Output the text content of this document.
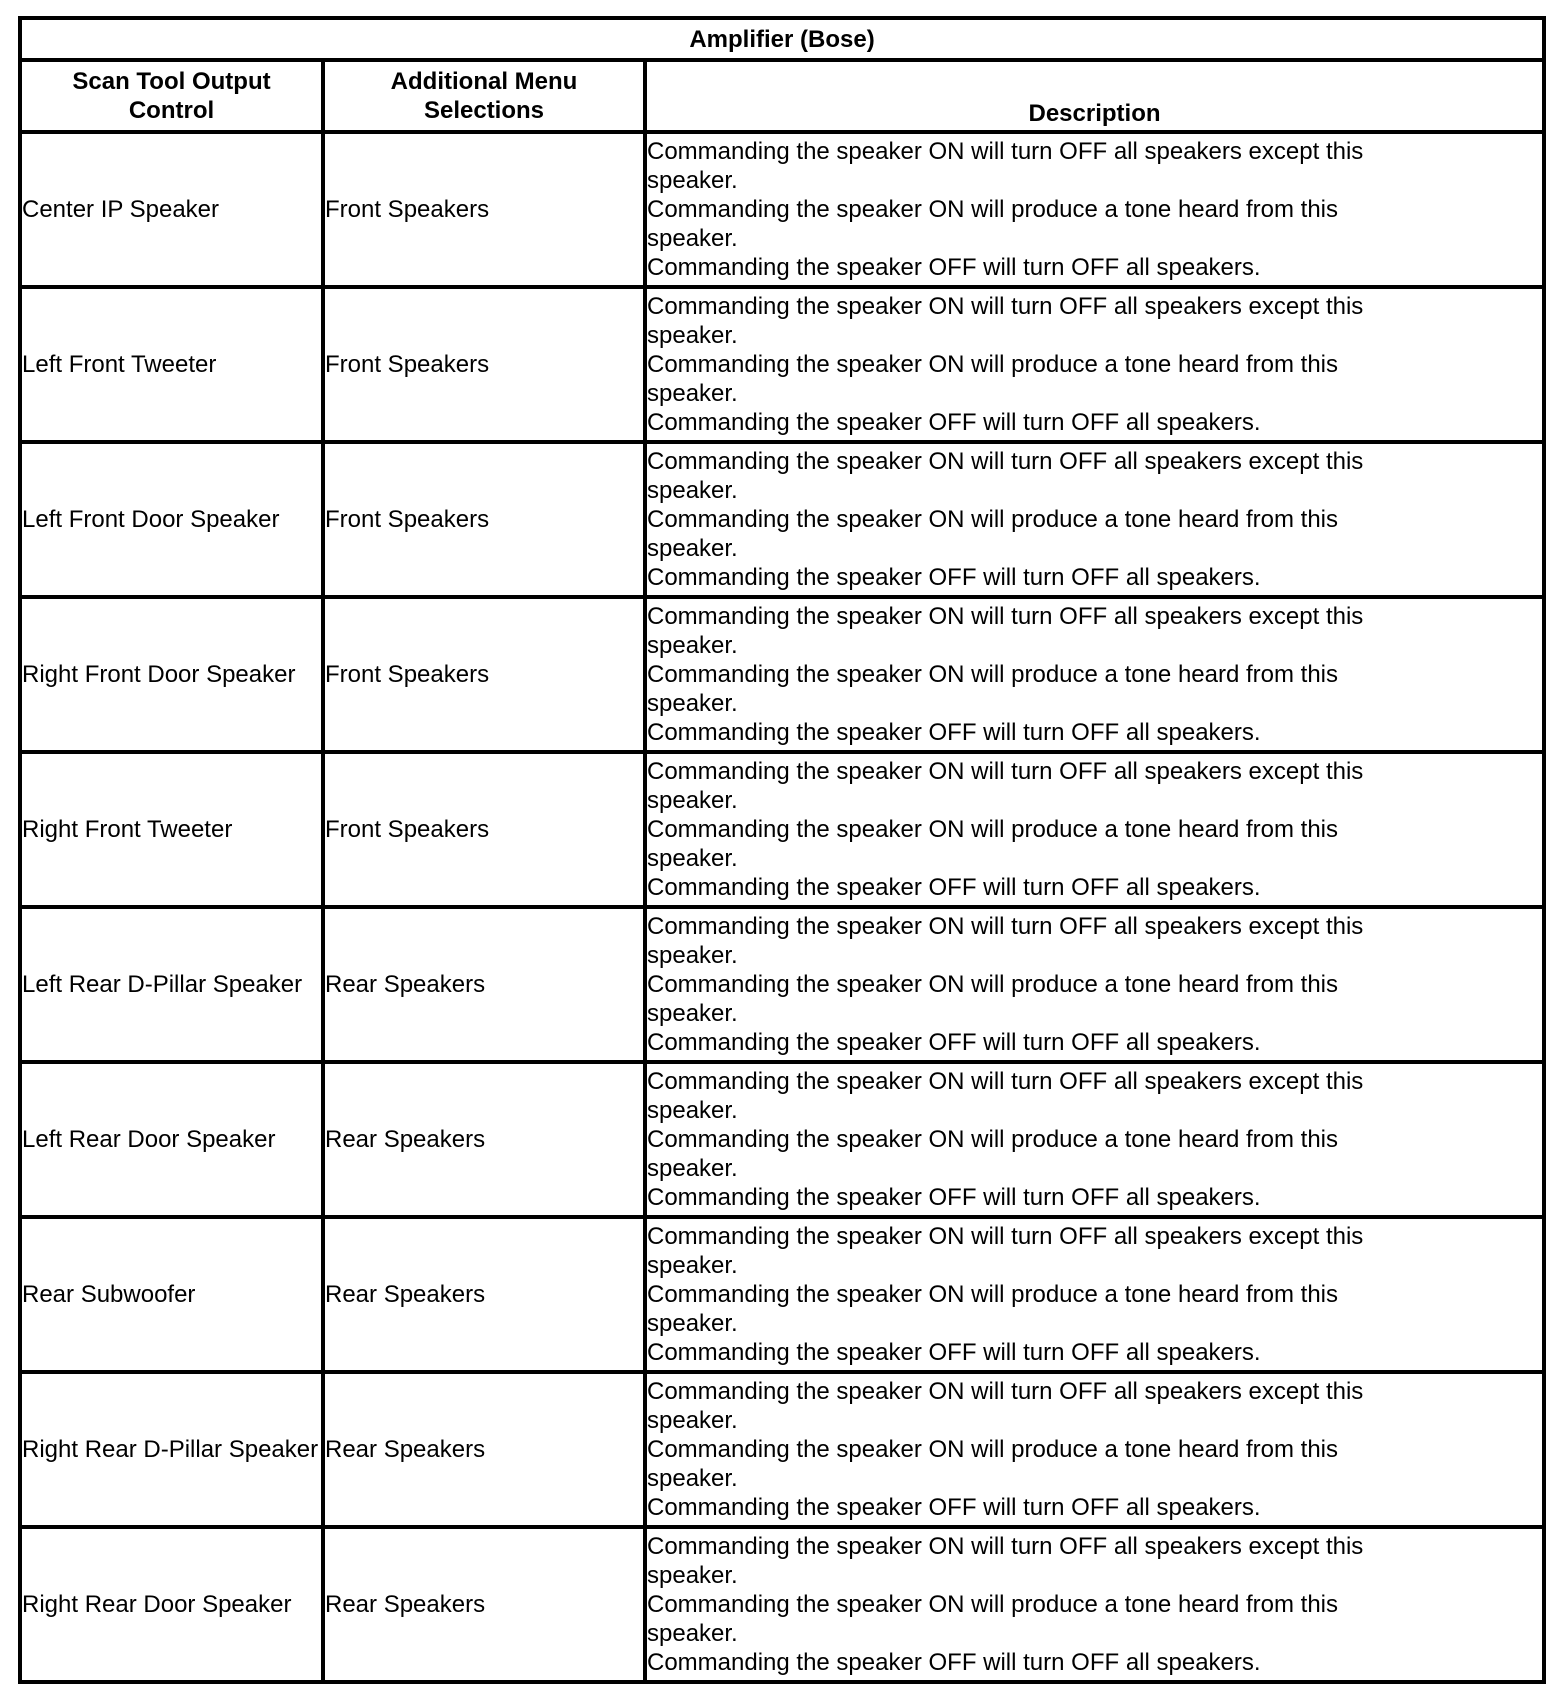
Amplifier (Bose)		
Scan Tool Output Control	Additional Menu Selections	Description
Center IP Speaker	Front Speakers	Commanding the speaker ON will turn OFF all speakers except this
speaker.
Commanding the speaker ON will produce a tone heard from this
speaker.
Commanding the speaker OFF will turn OFF all speakers.

Left Front Tweeter	Front Speakers	Commanding the speaker ON will turn OFF all speakers except this
speaker.
Commanding the speaker ON will produce a tone heard from this
speaker.
Commanding the speaker OFF will turn OFF all speakers.

Left Front Door Speaker	Front Speakers	Commanding the speaker ON will turn OFF all speakers except this
speaker.
Commanding the speaker ON will produce a tone heard from this
speaker.
Commanding the speaker OFF will turn OFF all speakers.

Right Front Door Speaker	Front Speakers	Commanding the speaker ON will turn OFF all speakers except this
speaker.
Commanding the speaker ON will produce a tone heard from this
speaker.
Commanding the speaker OFF will turn OFF all speakers.

Right Front Tweeter	Front Speakers	Commanding the speaker ON will turn OFF all speakers except this
speaker.
Commanding the speaker ON will produce a tone heard from this
speaker.
Commanding the speaker OFF will turn OFF all speakers.

Left Rear D-Pillar Speaker	Rear Speakers	Commanding the speaker ON will turn OFF all speakers except this
speaker.
Commanding the speaker ON will produce a tone heard from this
speaker.
Commanding the speaker OFF will turn OFF all speakers.

Left Rear Door Speaker	Rear Speakers	Commanding the speaker ON will turn OFF all speakers except this
speaker.
Commanding the speaker ON will produce a tone heard from this
speaker.
Commanding the speaker OFF will turn OFF all speakers.

Rear Subwoofer	Rear Speakers	Commanding the speaker ON will turn OFF all speakers except this
speaker.
Commanding the speaker ON will produce a tone heard from this
speaker.
Commanding the speaker OFF will turn OFF all speakers.

Right Rear D-Pillar Speaker	Rear Speakers	Commanding the speaker ON will turn OFF all speakers except this
speaker.
Commanding the speaker ON will produce a tone heard from this
speaker.
Commanding the speaker OFF will turn OFF all speakers.

Right Rear Door Speaker	Rear Speakers	Commanding the speaker ON will turn OFF all speakers except this
speaker.
Commanding the speaker ON will produce a tone heard from this
speaker.
Commanding the speaker OFF will turn OFF all speakers.
